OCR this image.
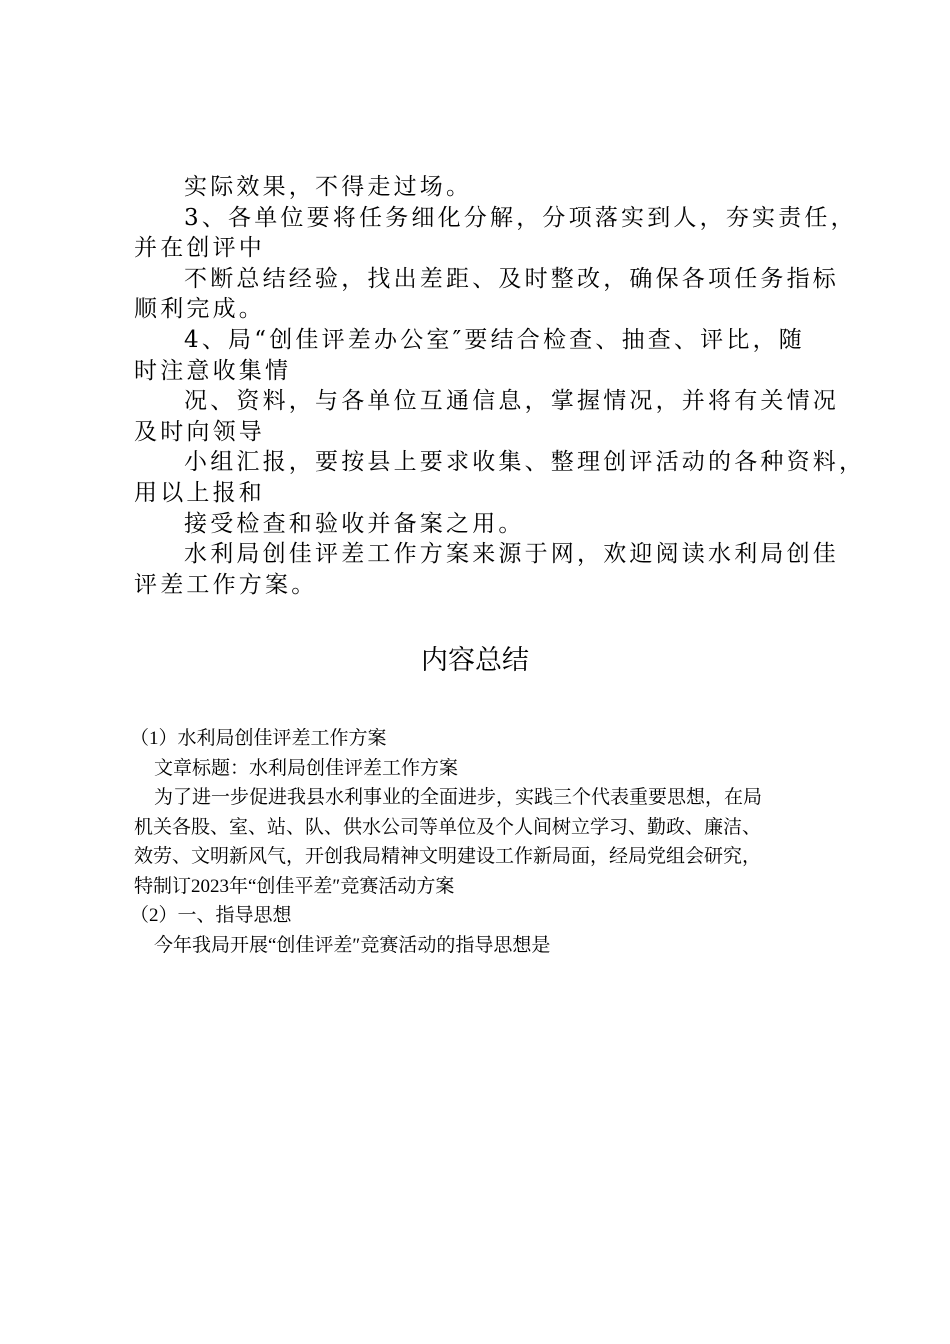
实际效果，不得走过场。
3、各单位要将任务细化分解，分项落实到人，夯实责任，
并在创评中
不断总结经验，找出差距、及时整改，确保各项任务指标
顺利完成。
4、局“创佳评差办公室″要结合检查、抽查、评比，随
时注意收集情
况、资料，与各单位互通信息，掌握情况，并将有关情况
及时向领导
小组汇报，要按县上要求收集、整理创评活动的各种资料，
用以上报和
接受检查和验收并备案之用。
水利局创佳评差工作方案来源于网，欢迎阅读水利局创佳
评差工作方案。
内容总结
（1）水利局创佳评差工作方案
文章标题：水利局创佳评差工作方案
为了进一步促进我县水利事业的全面进步，实践三个代表重要思想，在局
机关各股、室、站、队、供水公司等单位及个人间树立学习、勤政、廉洁、
效劳、文明新风气，开创我局精神文明建设工作新局面，经局党组会研究，
特制订2023年“创佳平差″竞赛活动方案
（2）一、指导思想
今年我局开展“创佳评差″竞赛活动的指导思想是
